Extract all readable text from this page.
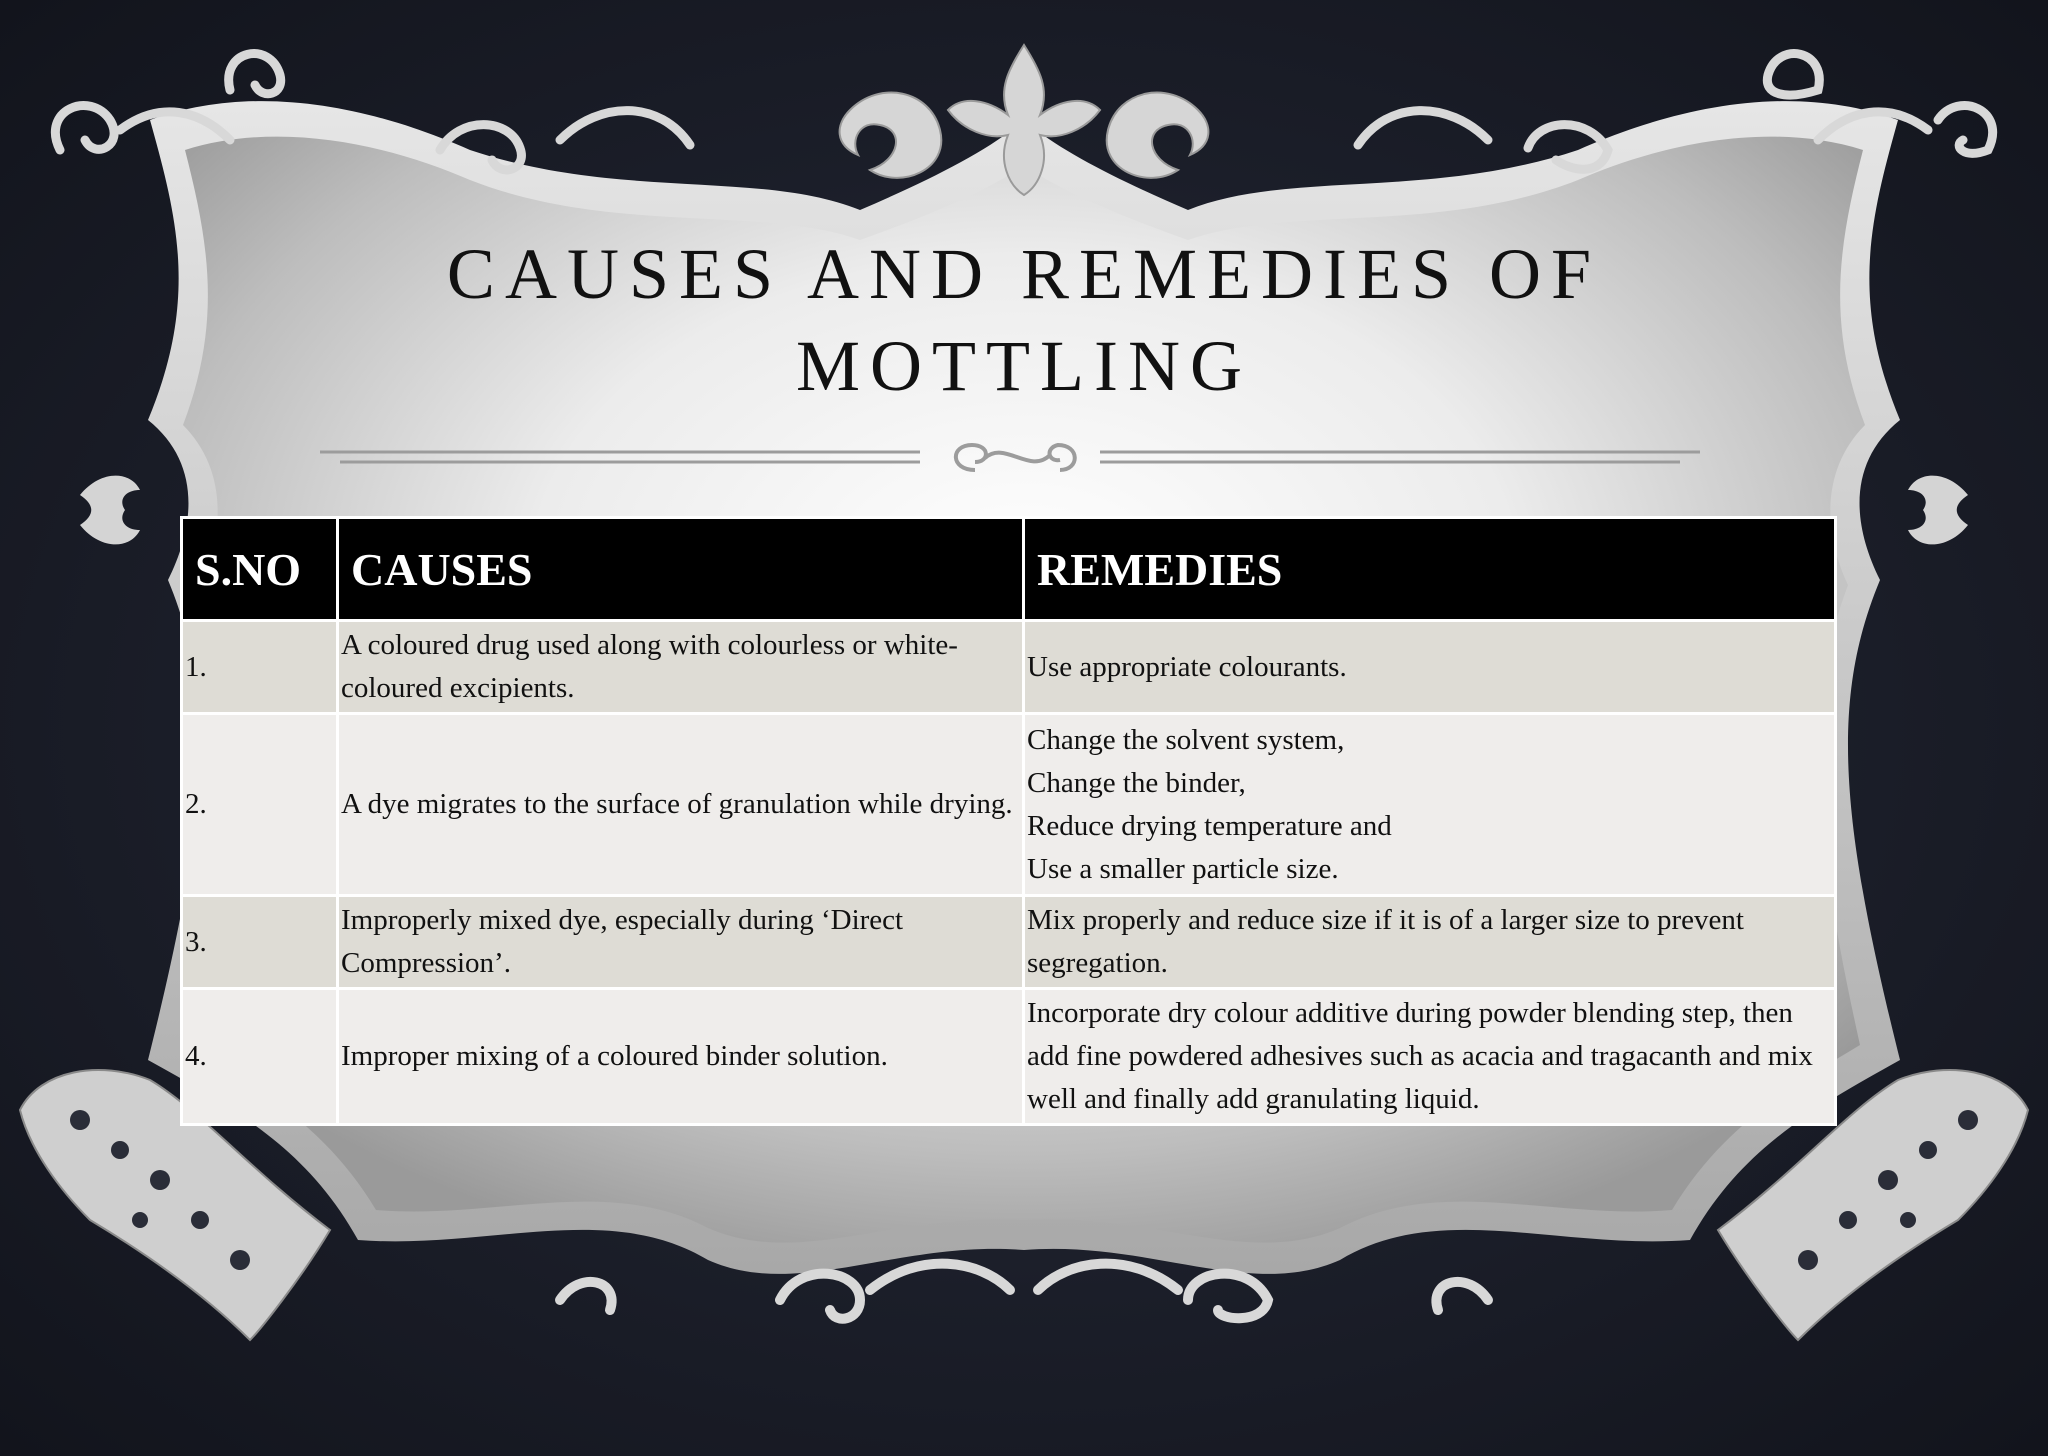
CAUSES AND REMEDIES OF MOTTLING
S.NO	CAUSES	REMEDIES
1.	A coloured drug used along with colourless or white-coloured excipients.	Use appropriate colourants.

2.	A dye migrates to the surface of granulation while drying.	Change the solvent system,
Change the binder,
Reduce drying temperature and
Use a smaller particle size.

3.	Improperly mixed dye, especially during ‘Direct Compression’.	Mix properly and reduce size if it is of a larger size to prevent segregation.

4.	Improper mixing of a coloured binder solution.	Incorporate dry colour additive during powder blending step, then add fine powdered adhesives such as acacia and tragacanth and mix well and finally add granulating liquid.
